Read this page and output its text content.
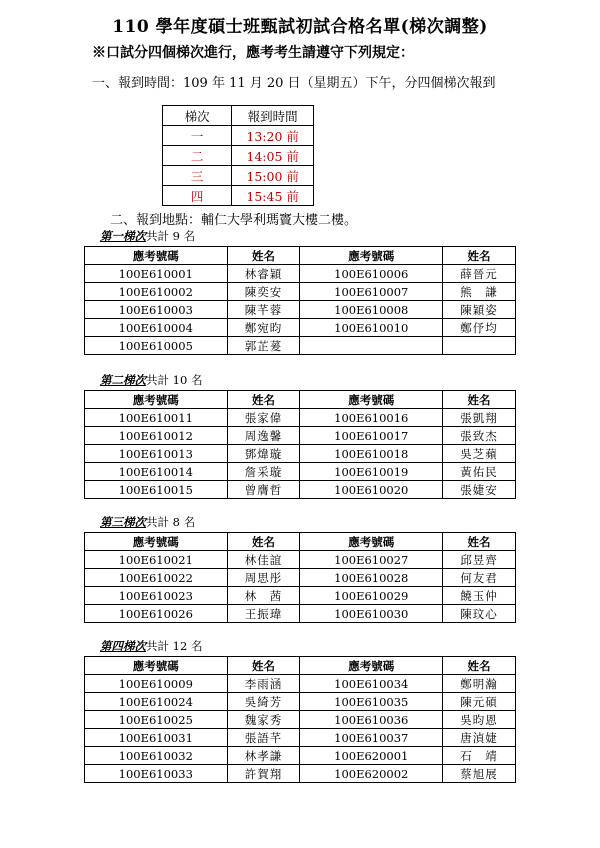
110 學年度碩士班甄試初試合格名單(梯次調整)
※口試分四個梯次進行，應考考生請遵守下列規定：
一、報到時間：109 年 11 月 20 日（星期五）下午，分四個梯次報到
梯次	報到時間
一	13:20 前
二	14:05 前
三	15:00 前
四	15:45 前
二、報到地點：輔仁大學利瑪竇大樓二樓。
第一梯次共計 9 名
應考號碼	姓名	應考號碼	姓名
100E610001	林睿穎	100E610006	薛晉元
100E610002	陳奕安	100E610007	熊　謙
100E610003	陳芊蓉	100E610008	陳穎姿
100E610004	鄭宛昀	100E610010	鄭伃均
100E610005	郭芷萲		
第二梯次共計 10 名
應考號碼	姓名	應考號碼	姓名
100E610011	張家偉	100E610016	張凱翔
100E610012	周逸馨	100E610017	張致杰
100E610013	鄧煒璇	100E610018	吳芝蘋
100E610014	詹采璇	100E610019	黃佑民
100E610015	曾膺哲	100E610020	張婕安
第三梯次共計 8 名
應考號碼	姓名	應考號碼	姓名
100E610021	林佳誼	100E610027	邱昱齊
100E610022	周思彤	100E610028	何友君
100E610023	林　茜	100E610029	饒玉仲
100E610026	王振瑋	100E610030	陳玟心
第四梯次共計 12 名
應考號碼	姓名	應考號碼	姓名
100E610009	李雨涵	100E610034	鄭明瀚
100E610024	吳綺芳	100E610035	陳元碩
100E610025	魏家秀	100E610036	吳昀恩
100E610031	張語芊	100E610037	唐湞婕
100E610032	林孝謙	100E620001	石　靖
100E610033	許賀翔	100E620002	蔡旭展
